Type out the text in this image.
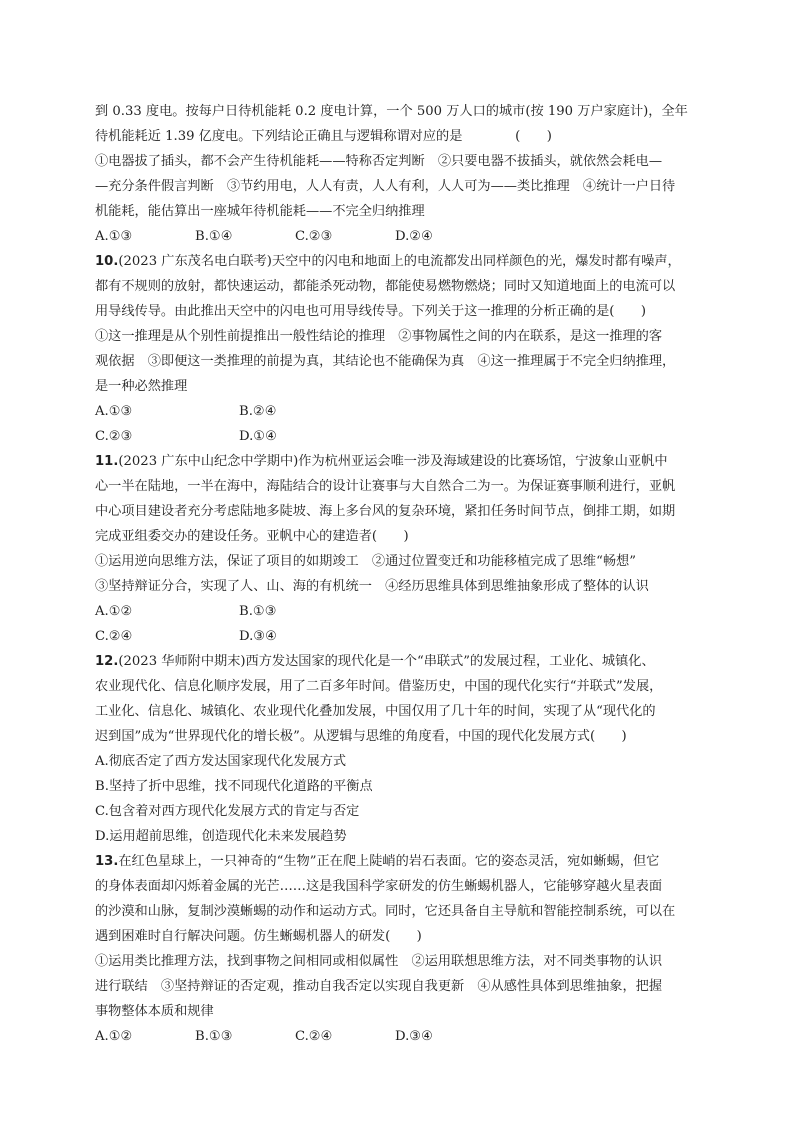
到 0.33 度电。按每户日待机能耗 0.2 度电计算，一个 500 万人口的城市(按 190 万户家庭计)，全年
待机能耗近 1.39 亿度电。下列结论正确且与逻辑称谓对应的是　　　　(　　)
①电器拔了插头，都不会产生待机能耗——特称否定判断　②只要电器不拔插头，就依然会耗电—
—充分条件假言判断　③节约用电，人人有责，人人有利，人人可为——类比推理　④统计一户日待
机能耗，能估算出一座城年待机能耗——不完全归纳推理
A.①③	B.①④	C.②③	D.②④
10.(2023 广东茂名电白联考)天空中的闪电和地面上的电流都发出同样颜色的光，爆发时都有噪声，
都有不规则的放射，都快速运动，都能杀死动物，都能使易燃物燃烧；同时又知道地面上的电流可以
用导线传导。由此推出天空中的闪电也可用导线传导。下列关于这一推理的分析正确的是(　　)
①这一推理是从个别性前提推出一般性结论的推理　②事物属性之间的内在联系，是这一推理的客
观依据　③即便这一类推理的前提为真，其结论也不能确保为真　④这一推理属于不完全归纳推理，
是一种必然推理
A.①③	B.②④
C.②③	D.①④
11.(2023 广东中山纪念中学期中)作为杭州亚运会唯一涉及海域建设的比赛场馆，宁波象山亚帆中
心一半在陆地，一半在海中，海陆结合的设计让赛事与大自然合二为一。为保证赛事顺利进行，亚帆
中心项目建设者充分考虑陆地多陡坡、海上多台风的复杂环境，紧扣任务时间节点，倒排工期，如期
完成亚组委交办的建设任务。亚帆中心的建造者(　　)
①运用逆向思维方法，保证了项目的如期竣工　②通过位置变迁和功能移植完成了思维“畅想”
③坚持辩证分合，实现了人、山、海的有机统一　④经历思维具体到思维抽象形成了整体的认识
A.①②	B.①③
C.②④	D.③④
12.(2023 华师附中期末)西方发达国家的现代化是一个“串联式”的发展过程，工业化、城镇化、
农业现代化、信息化顺序发展，用了二百多年时间。借鉴历史，中国的现代化实行“并联式”发展，
工业化、信息化、城镇化、农业现代化叠加发展，中国仅用了几十年的时间，实现了从“现代化的
迟到国”成为“世界现代化的增长极”。从逻辑与思维的角度看，中国的现代化发展方式(　　)
A.彻底否定了西方发达国家现代化发展方式
B.坚持了折中思维，找不同现代化道路的平衡点
C.包含着对西方现代化发展方式的肯定与否定
D.运用超前思维，创造现代化未来发展趋势
13.在红色星球上，一只神奇的“生物”正在爬上陡峭的岩石表面。它的姿态灵活，宛如蜥蜴，但它
的身体表面却闪烁着金属的光芒……这是我国科学家研发的仿生蜥蜴机器人，它能够穿越火星表面
的沙漠和山脉，复制沙漠蜥蜴的动作和运动方式。同时，它还具备自主导航和智能控制系统，可以在
遇到困难时自行解决问题。仿生蜥蜴机器人的研发(　　)
①运用类比推理方法，找到事物之间相同或相似属性　②运用联想思维方法，对不同类事物的认识
进行联结　③坚持辩证的否定观，推动自我否定以实现自我更新　④从感性具体到思维抽象，把握
事物整体本质和规律
A.①②	B.①③	C.②④	D.③④
